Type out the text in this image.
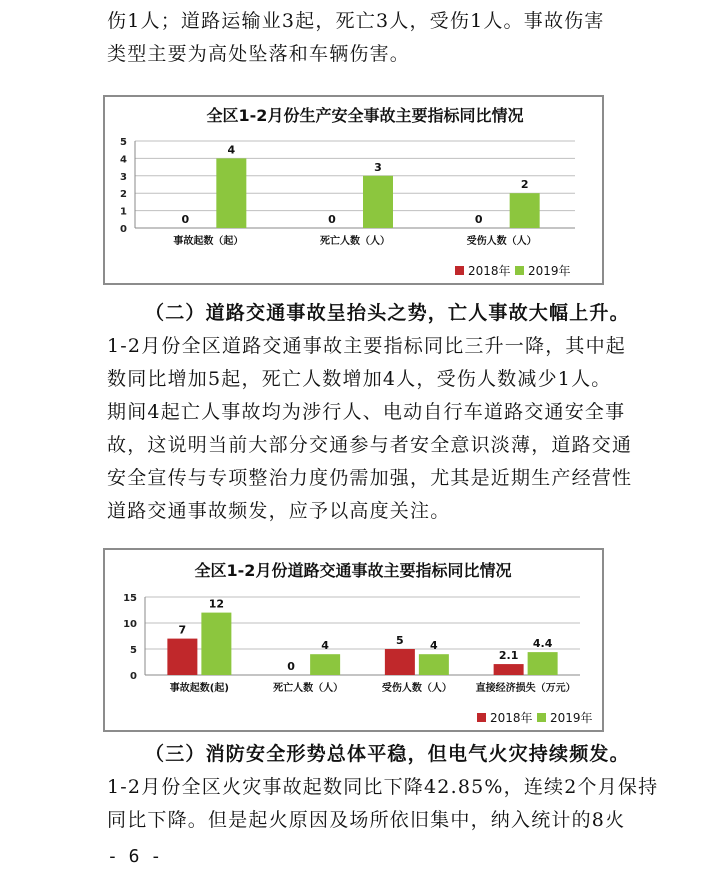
伤1人；道路运输业3起，死亡3人，受伤1人。事故伤害
类型主要为高处坠落和车辆伤害。
全区1-2月份生产安全事故主要指标同比情况
0
1
2
3
4
5
0
4
事故起数（起）
0
3
死亡人数（人）
0
2
受伤人数（人）
2018年 2019年
（二）道路交通事故呈抬头之势，亡人事故大幅上升。
1-2月份全区道路交通事故主要指标同比三升一降，其中起
数同比增加5起，死亡人数增加4人，受伤人数减少1人。
期间4起亡人事故均为涉行人、电动自行车道路交通安全事
故，这说明当前大部分交通参与者安全意识淡薄，道路交通
安全宣传与专项整治力度仍需加强，尤其是近期生产经营性
道路交通事故频发，应予以高度关注。
全区1-2月份道路交通事故主要指标同比情况
0
5
10
15
7
12
事故起数(起)
0
4
死亡人数（人）
5 4
受伤人数（人）
2.1
4.4
直接经济损失（万元）
2018年 2019年
（三）消防安全形势总体平稳，但电气火灾持续频发。
1-2月份全区火灾事故起数同比下降42.85%，连续2个月保持
同比下降。但是起火原因及场所依旧集中，纳入统计的8火
- 6 -
